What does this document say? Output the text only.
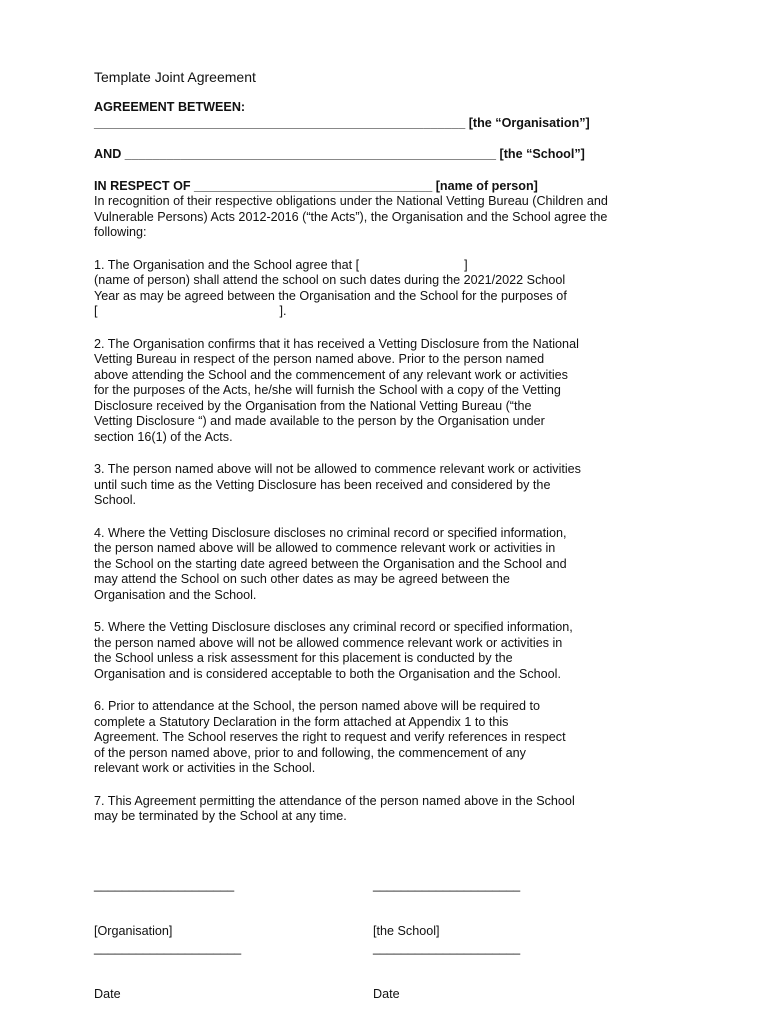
Template Joint Agreement
AGREEMENT BETWEEN:
_____________________________________________________ [the “Organisation”]
AND _____________________________________________________ [the “School”]
IN RESPECT OF __________________________________ [name of person]

In recognition of their respective obligations under the National Vetting Bureau (Children and
Vulnerable Persons) Acts 2012-2016 (“the Acts”), the Organisation and the School agree the
following:

1. The Organisation and the School agree that [                              ]
(name of person) shall attend the school on such dates during the 2021/2022 School
Year as may be agreed between the Organisation and the School for the purposes of
[                                                    ].

2. The Organisation confirms that it has received a Vetting Disclosure from the National
Vetting Bureau in respect of the person named above. Prior to the person named
above attending the School and the commencement of any relevant work or activities
for the purposes of the Acts, he/she will furnish the School with a copy of the Vetting
Disclosure received by the Organisation from the National Vetting Bureau (“the
Vetting Disclosure “) and made available to the person by the Organisation under
section 16(1) of the Acts.

3. The person named above will not be allowed to commence relevant work or activities
until such time as the Vetting Disclosure has been received and considered by the
School.

4. Where the Vetting Disclosure discloses no criminal record or specified information,
the person named above will be allowed to commence relevant work or activities in
the School on the starting date agreed between the Organisation and the School and
may attend the School on such other dates as may be agreed between the
Organisation and the School.

5. Where the Vetting Disclosure discloses any criminal record or specified information,
the person named above will not be allowed commence relevant work or activities in
the School unless a risk assessment for this placement is conducted by the
Organisation and is considered acceptable to both the Organisation and the School.

6. Prior to attendance at the School, the person named above will be required to
complete a Statutory Declaration in the form attached at Appendix 1 to this
Agreement. The School reserves the right to request and verify references in respect
of the person named above, prior to and following, the commencement of any
relevant work or activities in the School.

7. This Agreement permitting the attendance of the person named above in the School
may be terminated by the School at any time.

____________________

[Organisation]

_____________________

[the School]

_____________________

Date

_____________________

Date
